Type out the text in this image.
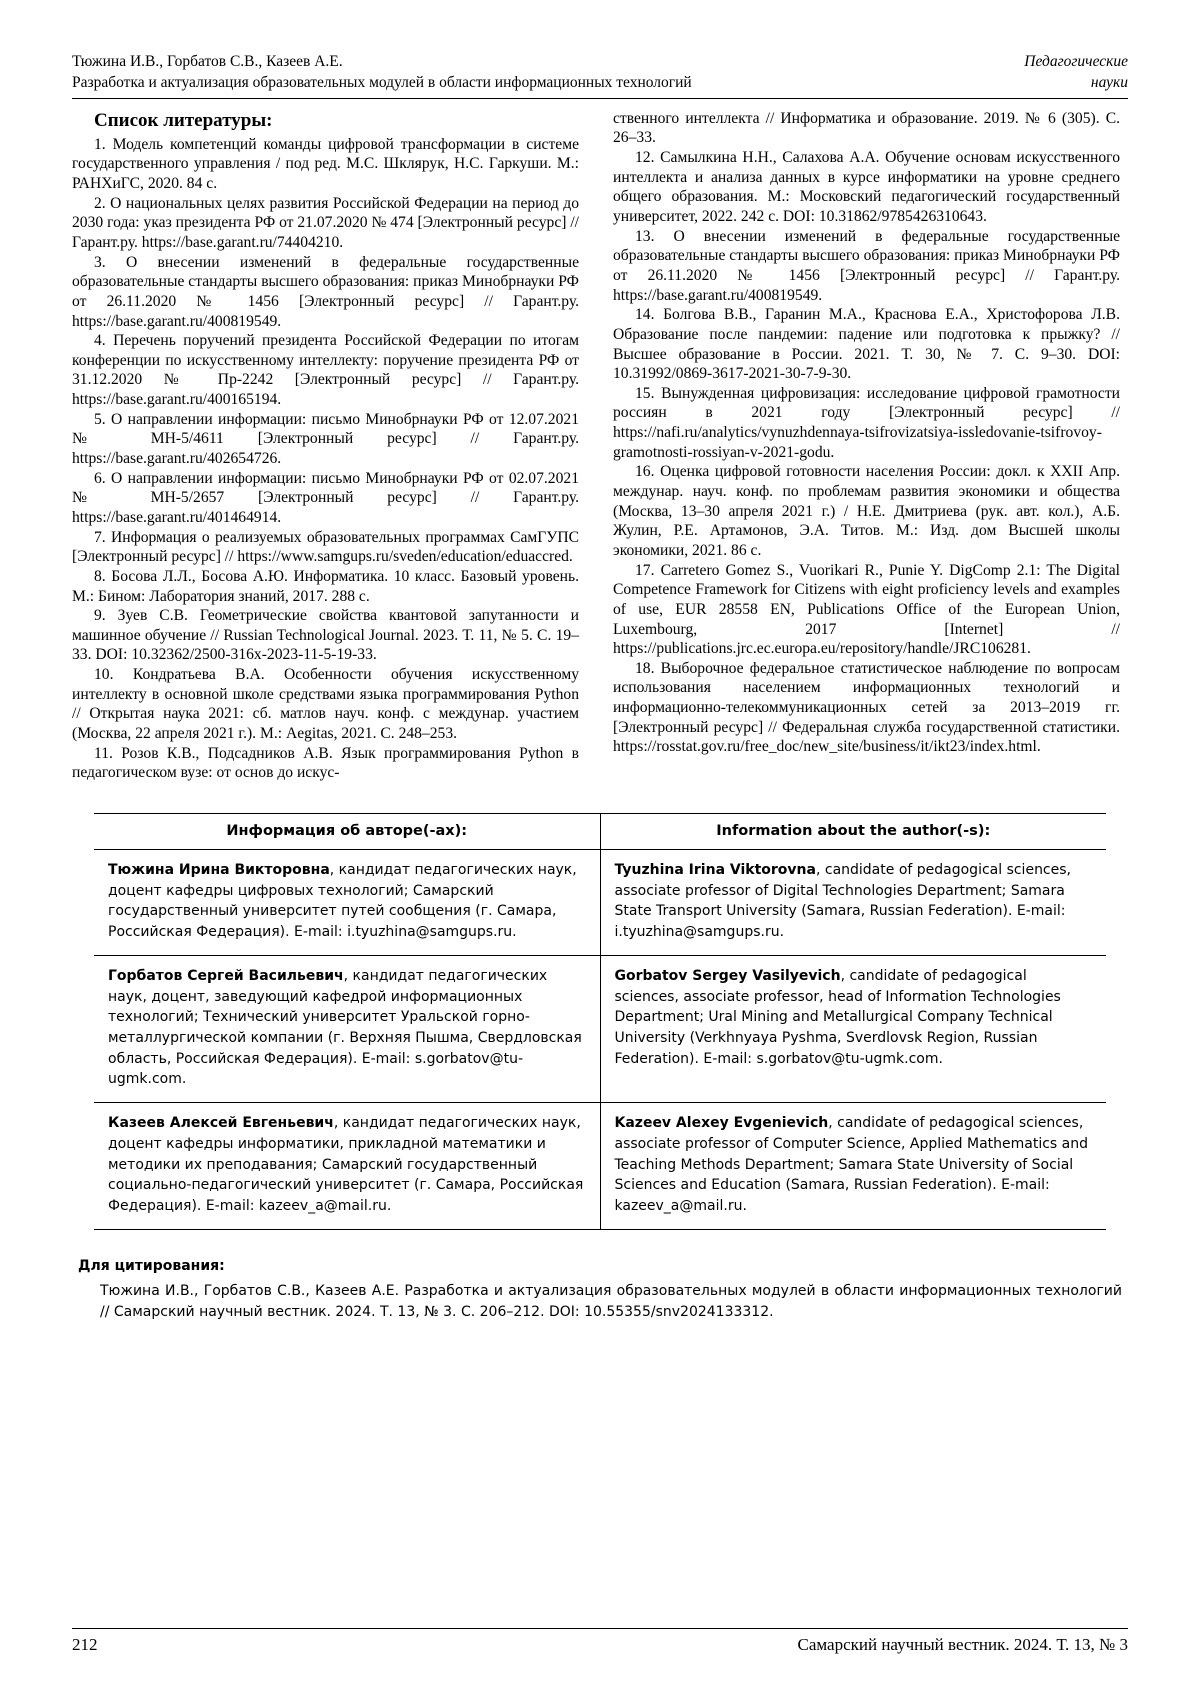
Тюжина И.В., Горбатов С.В., Казеев А.Е.
Разработка и актуализация образовательных модулей в области информационных технологий
Педагогические
науки
Список литературы:

1. Модель компетенций команды цифровой трансформации в системе государственного управления / под ред. М.С. Шклярук, Н.С. Гаркуши. М.: РАНХиГС, 2020. 84 с.

2. О национальных целях развития Российской Федерации на период до 2030 года: указ президента РФ от 21.07.2020 № 474 [Электронный ресурс] // Гарант.ру. https://base.garant.ru/74404210.

3. О внесении изменений в федеральные государственные образовательные стандарты высшего образования: приказ Минобрнауки РФ от 26.11.2020 № 1456 [Электронный ресурс] // Гарант.ру. https://base.garant.ru/400819549.

4. Перечень поручений президента Российской Федерации по итогам конференции по искусственному интеллекту: поручение президента РФ от 31.12.2020 № Пр-2242 [Электронный ресурс] // Гарант.ру. https://base.garant.ru/400165194.

5. О направлении информации: письмо Минобрнауки РФ от 12.07.2021 № МН-5/4611 [Электронный ресурс] // Гарант.ру. https://base.garant.ru/402654726.

6. О направлении информации: письмо Минобрнауки РФ от 02.07.2021 № МН-5/2657 [Электронный ресурс] // Гарант.ру. https://base.garant.ru/401464914.

7. Информация о реализуемых образовательных программах СамГУПС [Электронный ресурс] // https://www.samgups.ru/sveden/education/eduaccred.

8. Босова Л.Л., Босова А.Ю. Информатика. 10 класс. Базовый уровень. М.: Бином: Лаборатория знаний, 2017. 288 с.

9. Зуев С.В. Геометрические свойства квантовой запутанности и машинное обучение // Russian Technological Journal. 2023. Т. 11, № 5. С. 19–33. DOI: 10.32362/2500-316x-2023-11-5-19-33.

10. Кондратьева В.А. Особенности обучения искусственному интеллекту в основной школе средствами языка программирования Python // Открытая наука 2021: сб. матлов науч. конф. с междунар. участием (Москва, 22 апреля 2021 г.). М.: Aegitas, 2021. С. 248–253.

11. Розов К.В., Подсадников А.В. Язык программирования Python в педагогическом вузе: от основ до искус-

ственного интеллекта // Информатика и образование. 2019. № 6 (305). С. 26–33.

12. Самылкина Н.Н., Салахова А.А. Обучение основам искусственного интеллекта и анализа данных в курсе информатики на уровне среднего общего образования. М.: Московский педагогический государственный университет, 2022. 242 с. DOI: 10.31862/9785426310643.

13. О внесении изменений в федеральные государственные образовательные стандарты высшего образования: приказ Минобрнауки РФ от 26.11.2020 № 1456 [Электронный ресурс] // Гарант.ру. https://base.garant.ru/400819549.

14. Болгова В.В., Гаранин М.А., Краснова Е.А., Христофорова Л.В. Образование после пандемии: падение или подготовка к прыжку? // Высшее образование в России. 2021. Т. 30, № 7. С. 9–30. DOI: 10.31992/0869-3617-2021-30-7-9-30.

15. Вынужденная цифровизация: исследование цифровой грамотности россиян в 2021 году [Электронный ресурс] // https://nafi.ru/analytics/vynuzhdennaya-tsifrovizatsiya-issledovanie-tsifrovoy-gramotnosti-rossiyan-v-2021-godu.

16. Оценка цифровой готовности населения России: докл. к XXII Апр. междунар. науч. конф. по проблемам развития экономики и общества (Москва, 13–30 апреля 2021 г.) / Н.Е. Дмитриева (рук. авт. кол.), А.Б. Жулин, Р.Е. Артамонов, Э.А. Титов. М.: Изд. дом Высшей школы экономики, 2021. 86 с.

17. Carretero Gomez S., Vuorikari R., Punie Y. DigComp 2.1: The Digital Competence Framework for Citizens with eight proficiency levels and examples of use, EUR 28558 EN, Publications Office of the European Union, Luxembourg, 2017 [Internet] // https://publications.jrc.ec.europa.eu/repository/handle/JRC106281.

18. Выборочное федеральное статистическое наблюдение по вопросам использования населением информационных технологий и информационно-телекоммуникационных сетей за 2013–2019 гг. [Электронный ресурс] // Федеральная служба государственной статистики. https://rosstat.gov.ru/free_doc/new_site/business/it/ikt23/index.html.

Информация об авторе(-ах):	Information about the author(-s):
Тюжина Ирина Викторовна, кандидат педагогических наук, доцент кафедры цифровых технологий; Самарский государственный университет путей сообщения (г. Самара, Российская Федерация). E-mail: i.tyuzhina@samgups.ru.	Tyuzhina Irina Viktorovna, candidate of pedagogical sciences, associate professor of Digital Technologies Department; Samara State Transport University (Samara, Russian Federation). E-mail: i.tyuzhina@samgups.ru.
Горбатов Сергей Васильевич, кандидат педагогических наук, доцент, заведующий кафедрой информационных технологий; Технический университет Уральской горно-металлургической компании (г. Верхняя Пышма, Свердловская область, Российская Федерация). E-mail: s.gorbatov@tu-ugmk.com.	Gorbatov Sergey Vasilyevich, candidate of pedagogical sciences, associate professor, head of Information Technologies Department; Ural Mining and Metallurgical Company Technical University (Verkhnyaya Pyshma, Sverdlovsk Region, Russian Federation). E-mail: s.gorbatov@tu-ugmk.com.
Казеев Алексей Евгеньевич, кандидат педагогических наук, доцент кафедры информатики, прикладной математики и методики их преподавания; Самарский государственный социально-педагогический университет (г. Самара, Российская Федерация). E-mail: kazeev_a@mail.ru.	Kazeev Alexey Evgenievich, candidate of pedagogical sciences, associate professor of Computer Science, Applied Mathematics and Teaching Methods Department; Samara State University of Social Sciences and Education (Samara, Russian Federation). E-mail: kazeev_a@mail.ru.
Для цитирования:
Тюжина И.В., Горбатов С.В., Казеев А.Е. Разработка и актуализация образовательных модулей в области информационных технологий // Самарский научный вестник. 2024. Т. 13, № 3. С. 206–212. DOI: 10.55355/snv2024133312.
212	Самарский научный вестник. 2024. Т. 13, № 3
